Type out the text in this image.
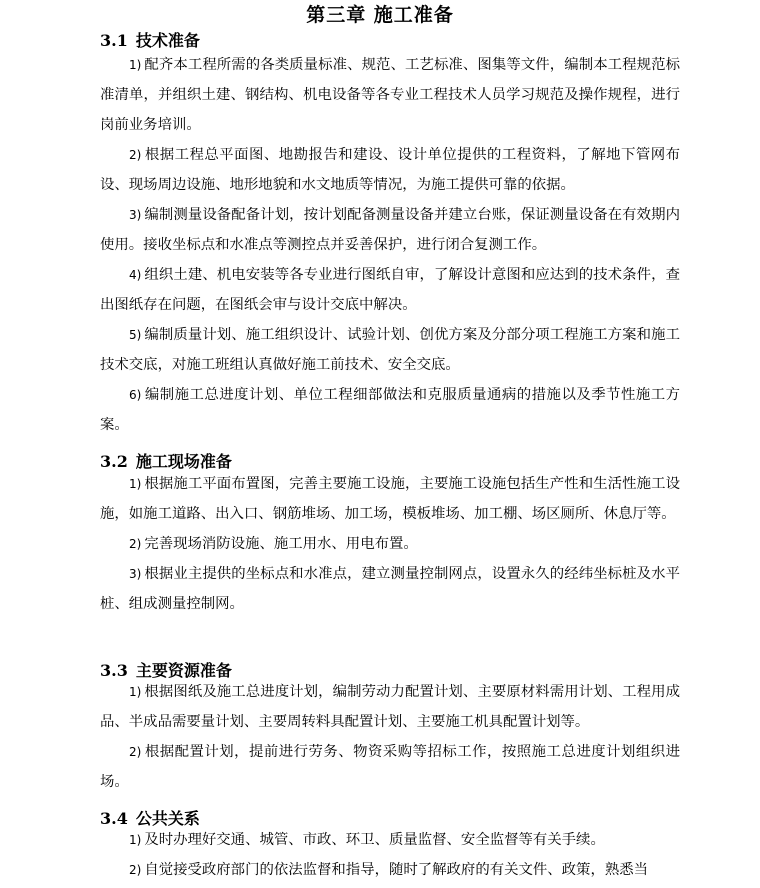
第三章 施工准备
3.1 技术准备

1) 配齐本工程所需的各类质量标准、规范、工艺标准、图集等文件，编制本工程规范标准清单，并组织土建、钢结构、机电设备等各专业工程技术人员学习规范及操作规程，进行岗前业务培训。

2) 根据工程总平面图、地勘报告和建设、设计单位提供的工程资料，了解地下管网布设、现场周边设施、地形地貌和水文地质等情况，为施工提供可靠的依据。

3) 编制测量设备配备计划，按计划配备测量设备并建立台账，保证测量设备在有效期内使用。接收坐标点和水准点等测控点并妥善保护，进行闭合复测工作。

4) 组织土建、机电安装等各专业进行图纸自审，了解设计意图和应达到的技术条件，查出图纸存在问题，在图纸会审与设计交底中解决。

5) 编制质量计划、施工组织设计、试验计划、创优方案及分部分项工程施工方案和施工技术交底，对施工班组认真做好施工前技术、安全交底。

6) 编制施工总进度计划、单位工程细部做法和克服质量通病的措施以及季节性施工方案。

3.2 施工现场准备

1) 根据施工平面布置图，完善主要施工设施，主要施工设施包括生产性和生活性施工设施，如施工道路、出入口、钢筋堆场、加工场，模板堆场、加工棚、场区厕所、休息厅等。

2) 完善现场消防设施、施工用水、用电布置。

3) 根据业主提供的坐标点和水准点，建立测量控制网点，设置永久的经纬坐标桩及水平桩、组成测量控制网。

3.3 主要资源准备

1) 根据图纸及施工总进度计划，编制劳动力配置计划、主要原材料需用计划、工程用成品、半成品需要量计划、主要周转料具配置计划、主要施工机具配置计划等。

2) 根据配置计划，提前进行劳务、物资采购等招标工作，按照施工总进度计划组织进场。

3.4 公共关系

1) 及时办理好交通、城管、市政、环卫、质量监督、安全监督等有关手续。

2) 自觉接受政府部门的依法监督和指导，随时了解政府的有关文件、政策，熟悉当
